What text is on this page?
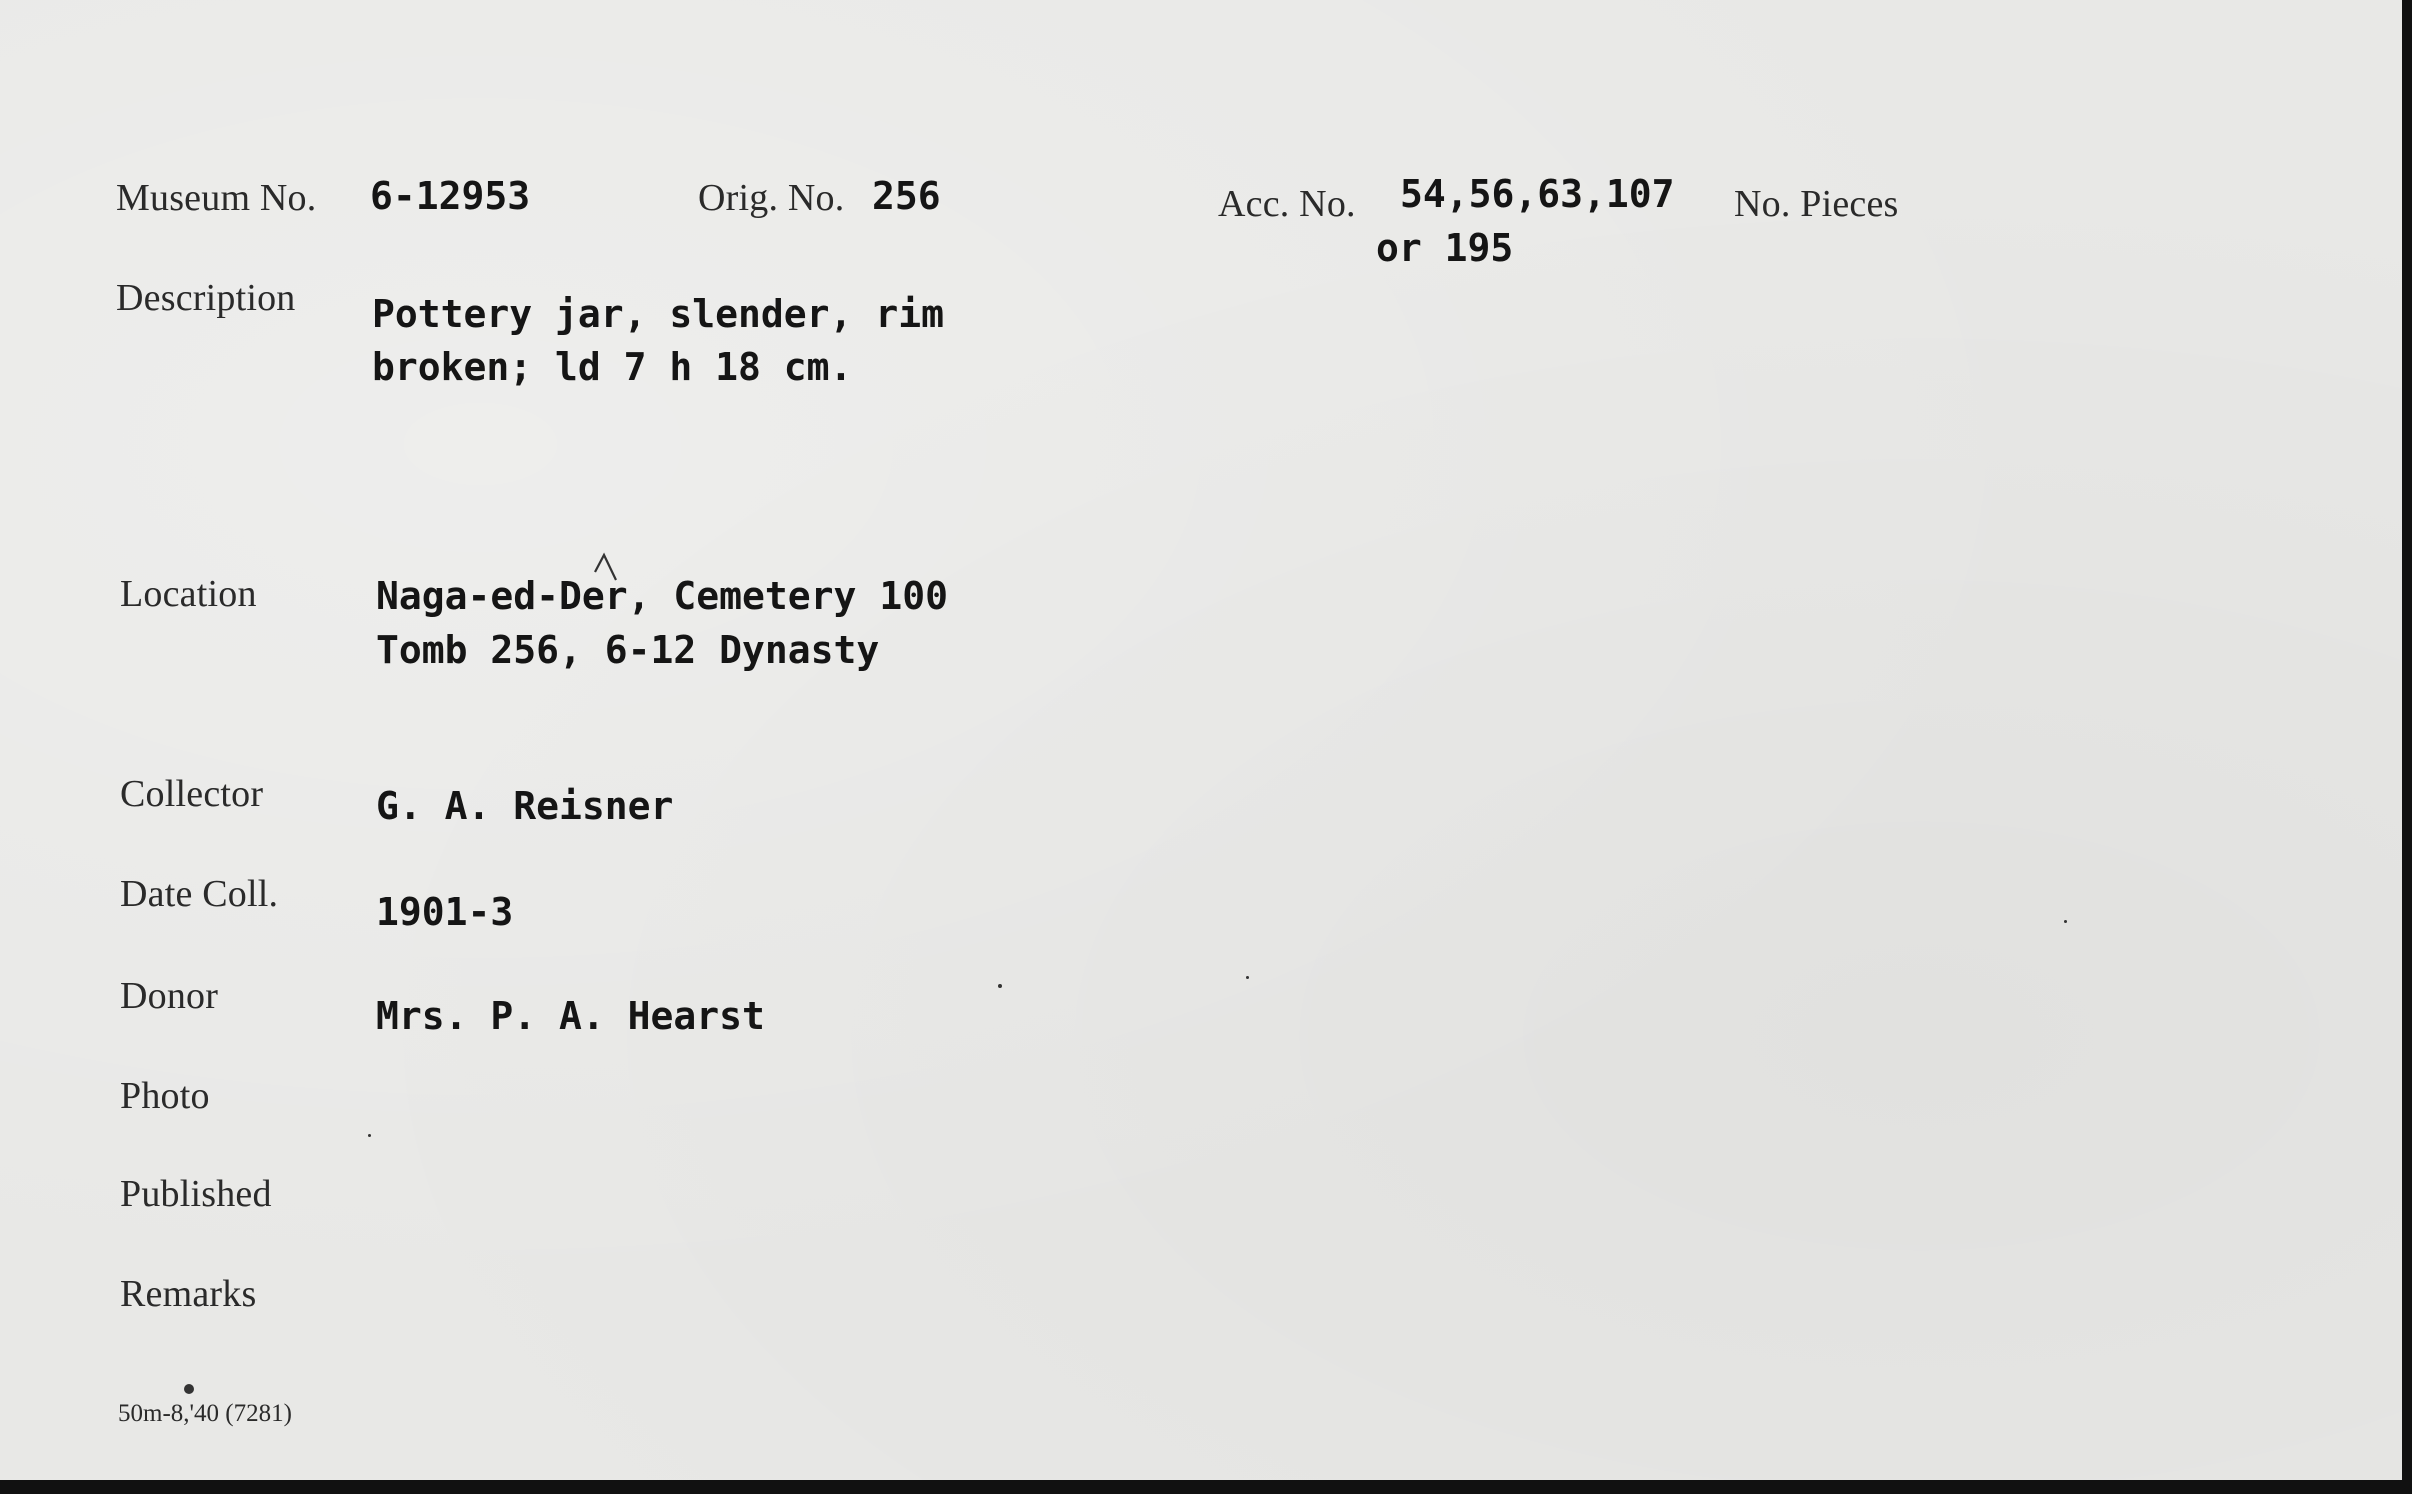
Museum No. 6-12953	Orig. No. 256	Acc. No. 54,56,63,107
or 195
No. Pieces
Description Pottery jar, slender, rim
broken; ld 7 h 18 cm.
Location	Naga-ed-Der, Cemetery 100
Tomb 256, 6-12 Dynasty
Collector	G. A. Reisner
Date Coll.	1901-3
Donor	Mrs. P. A. Hearst
Photo
Published
Remarks
50m-8,'40 (7281)
